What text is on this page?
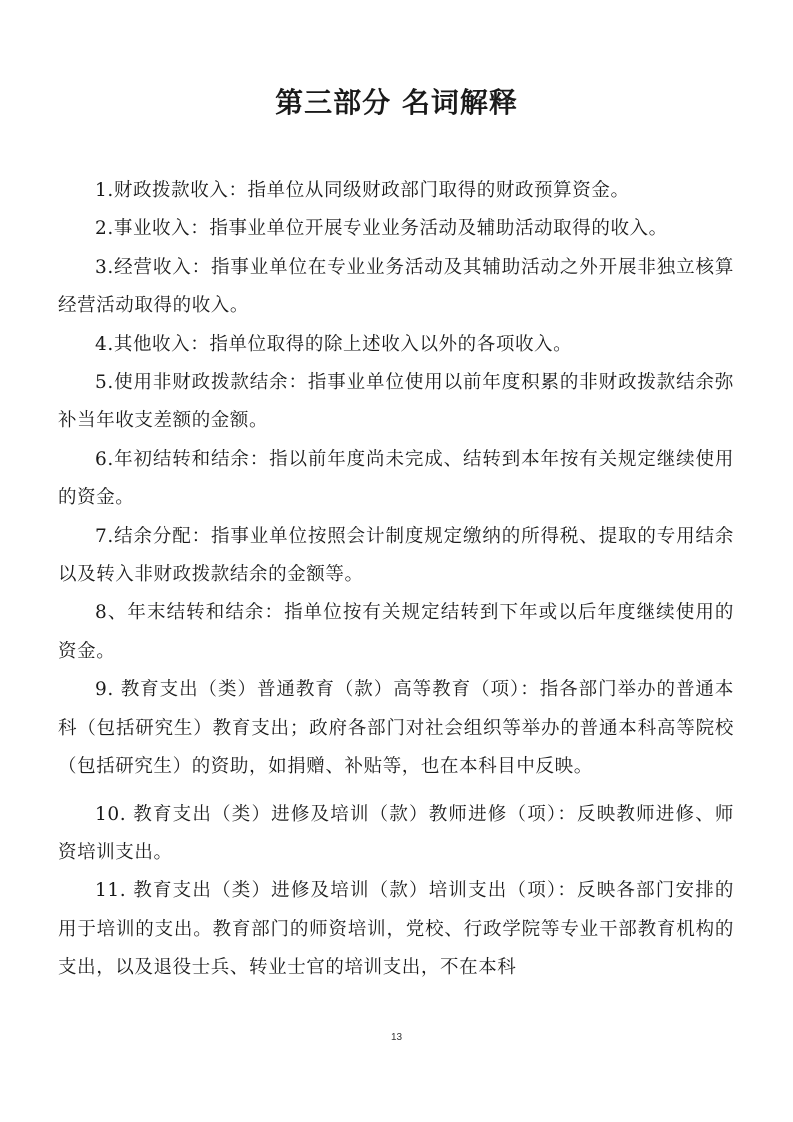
第三部分 名词解释

1.财政拨款收入：指单位从同级财政部门取得的财政预算资金。

2.事业收入：指事业单位开展专业业务活动及辅助活动取得的收入。

3.经营收入：指事业单位在专业业务活动及其辅助活动之外开展非独立核算经营活动取得的收入。

4.其他收入：指单位取得的除上述收入以外的各项收入。

5.使用非财政拨款结余：指事业单位使用以前年度积累的非财政拨款结余弥补当年收支差额的金额。

6.年初结转和结余：指以前年度尚未完成、结转到本年按有关规定继续使用的资金。

7.结余分配：指事业单位按照会计制度规定缴纳的所得税、提取的专用结余以及转入非财政拨款结余的金额等。

8、年末结转和结余：指单位按有关规定结转到下年或以后年度继续使用的资金。

9. 教育支出（类）普通教育（款）高等教育（项）：指各部门举办的普通本科（包括研究生）教育支出；政府各部门对社会组织等举办的普通本科高等院校（包括研究生）的资助，如捐赠、补贴等，也在本科目中反映。

10. 教育支出（类）进修及培训（款）教师进修（项）：反映教师进修、师资培训支出。

11. 教育支出（类）进修及培训（款）培训支出（项）：反映各部门安排的用于培训的支出。教育部门的师资培训，党校、行政学院等专业干部教育机构的支出，以及退役士兵、转业士官的培训支出，不在本科

13
